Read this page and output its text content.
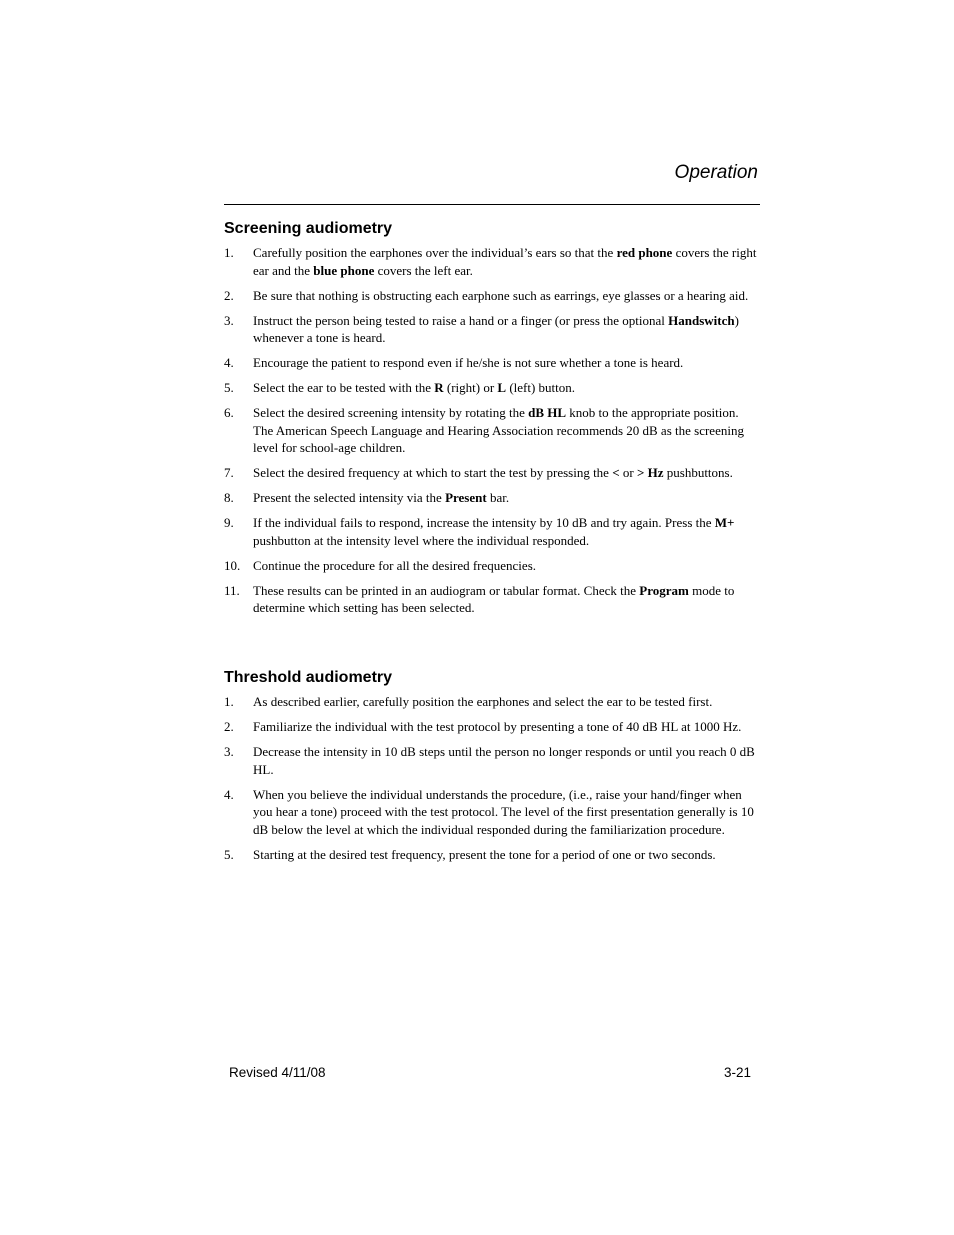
Operation
Screening audiometry
1. Carefully position the earphones over the individual’s ears so that the red phone covers the right ear and the blue phone covers the left ear.
2. Be sure that nothing is obstructing each earphone such as earrings, eye glasses or a hearing aid.
3. Instruct the person being tested to raise a hand or a finger (or press the optional Handswitch) whenever a tone is heard.
4. Encourage the patient to respond even if he/she is not sure whether a tone is heard.
5. Select the ear to be tested with the R (right) or L (left) button.
6. Select the desired screening intensity by rotating the dB HL knob to the appropriate position. The American Speech Language and Hearing Association recommends 20 dB as the screening level for school-age children.
7. Select the desired frequency at which to start the test by pressing the < or > Hz pushbuttons.
8. Present the selected intensity via the Present bar.
9. If the individual fails to respond, increase the intensity by 10 dB and try again. Press the M+ pushbutton at the intensity level where the individual responded.
10. Continue the procedure for all the desired frequencies.
11. These results can be printed in an audiogram or tabular format. Check the Program mode to determine which setting has been selected.
Threshold audiometry
1. As described earlier, carefully position the earphones and select the ear to be tested first.
2. Familiarize the individual with the test protocol by presenting a tone of 40 dB HL at 1000 Hz.
3. Decrease the intensity in 10 dB steps until the person no longer responds or until you reach 0 dB HL.
4. When you believe the individual understands the procedure, (i.e., raise your hand/finger when you hear a tone) proceed with the test protocol. The level of the first presentation generally is 10 dB below the level at which the individual responded during the familiarization procedure.
5. Starting at the desired test frequency, present the tone for a period of one or two seconds.
Revised 4/11/08	3-21
